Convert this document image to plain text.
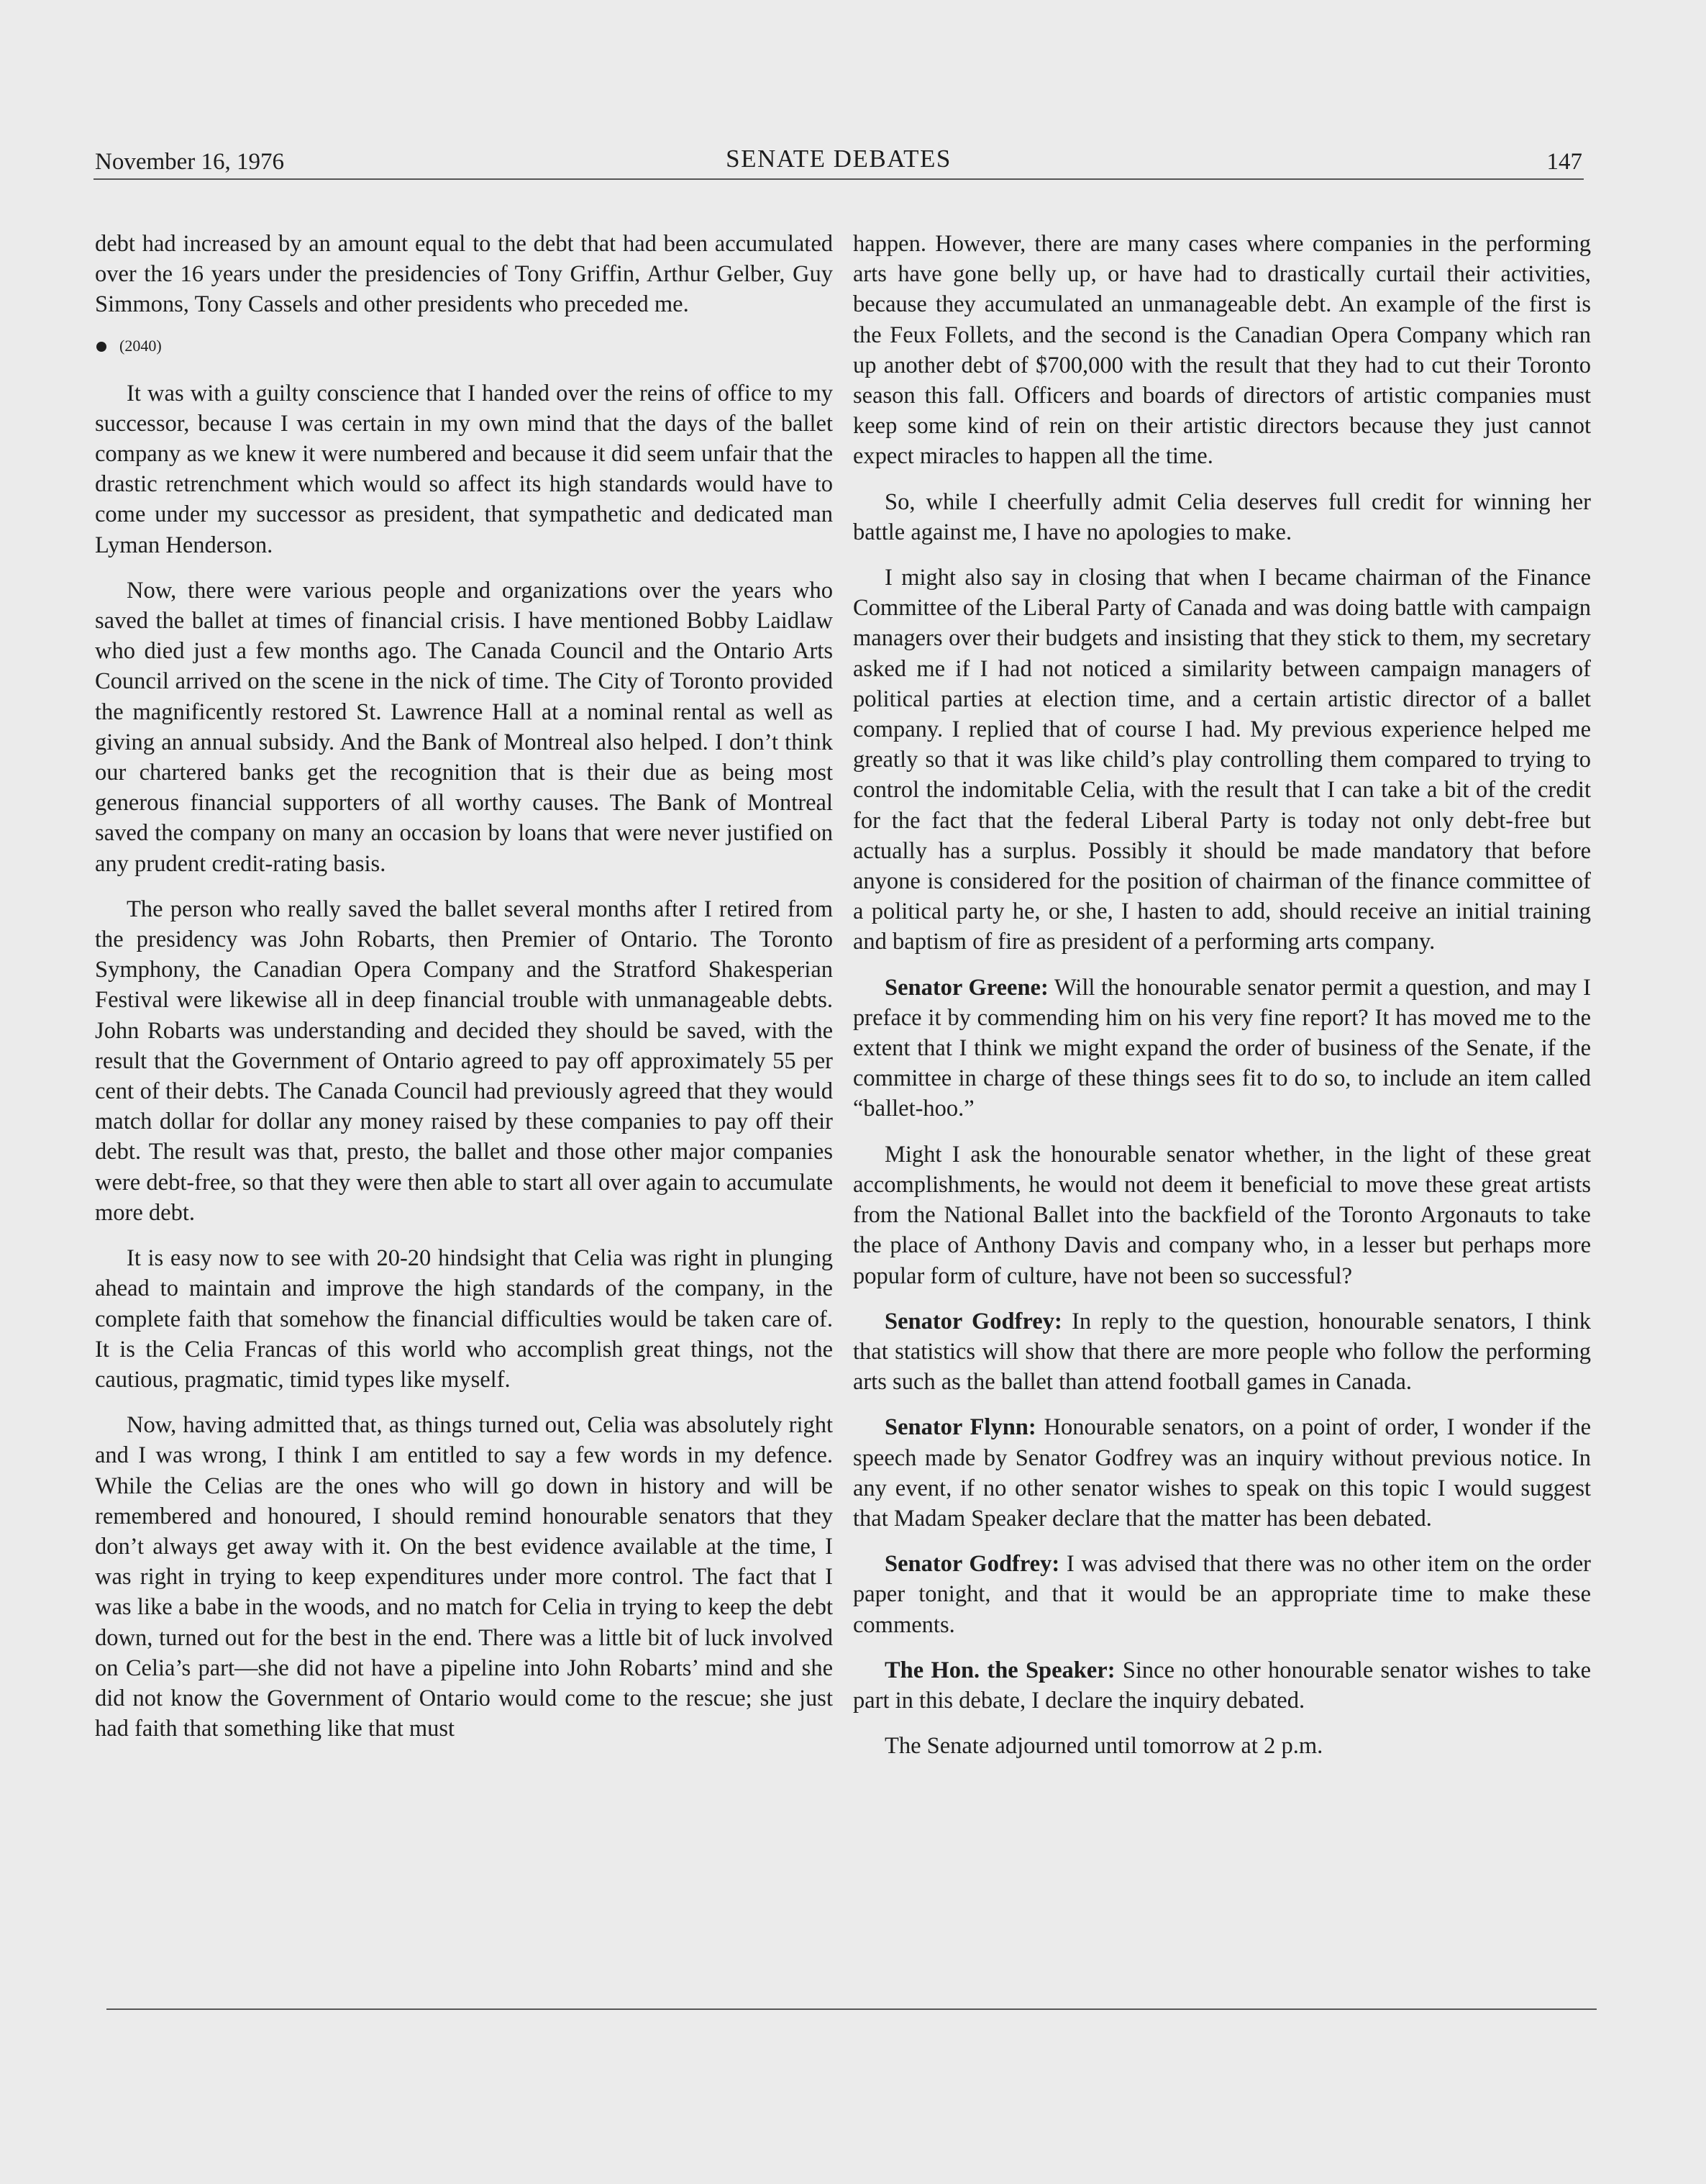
November 16, 1976	SENATE DEBATES	147

debt had increased by an amount equal to the debt that had been accumulated over the 16 years under the presidencies of Tony Griffin, Arthur Gelber, Guy Simmons, Tony Cassels and other presidents who preceded me.

(2040)

It was with a guilty conscience that I handed over the reins of office to my successor, because I was certain in my own mind that the days of the ballet company as we knew it were numbered and because it did seem unfair that the drastic retrenchment which would so affect its high standards would have to come under my successor as president, that sympathetic and dedicated man Lyman Henderson.

Now, there were various people and organizations over the years who saved the ballet at times of financial crisis. I have mentioned Bobby Laidlaw who died just a few months ago. The Canada Council and the Ontario Arts Council arrived on the scene in the nick of time. The City of Toronto provided the magnificently restored St. Lawrence Hall at a nominal rental as well as giving an annual subsidy. And the Bank of Montreal also helped. I don’t think our chartered banks get the recognition that is their due as being most generous financial supporters of all worthy causes. The Bank of Montreal saved the company on many an occasion by loans that were never justified on any prudent credit-rating basis.

The person who really saved the ballet several months after I retired from the presidency was John Robarts, then Premier of Ontario. The Toronto Symphony, the Canadian Opera Company and the Stratford Shakesperian Festival were likewise all in deep financial trouble with unmanageable debts. John Robarts was understanding and decided they should be saved, with the result that the Government of Ontario agreed to pay off approximately 55 per cent of their debts. The Canada Council had previously agreed that they would match dollar for dollar any money raised by these companies to pay off their debt. The result was that, presto, the ballet and those other major companies were debt-free, so that they were then able to start all over again to accumulate more debt.

It is easy now to see with 20-20 hindsight that Celia was right in plunging ahead to maintain and improve the high standards of the company, in the complete faith that somehow the financial difficulties would be taken care of. It is the Celia Francas of this world who accomplish great things, not the cautious, pragmatic, timid types like myself.

Now, having admitted that, as things turned out, Celia was absolutely right and I was wrong, I think I am entitled to say a few words in my defence. While the Celias are the ones who will go down in history and will be remembered and honoured, I should remind honourable senators that they don’t always get away with it. On the best evidence available at the time, I was right in trying to keep expenditures under more control. The fact that I was like a babe in the woods, and no match for Celia in trying to keep the debt down, turned out for the best in the end. There was a little bit of luck involved on Celia’s part—she did not have a pipeline into John Robarts’ mind and she did not know the Government of Ontario would come to the rescue; she just had faith that something like that must

happen. However, there are many cases where companies in the performing arts have gone belly up, or have had to drastically curtail their activities, because they accumulated an unmanageable debt. An example of the first is the Feux Follets, and the second is the Canadian Opera Company which ran up another debt of $700,000 with the result that they had to cut their Toronto season this fall. Officers and boards of directors of artistic companies must keep some kind of rein on their artistic directors because they just cannot expect miracles to happen all the time.

So, while I cheerfully admit Celia deserves full credit for winning her battle against me, I have no apologies to make.

I might also say in closing that when I became chairman of the Finance Committee of the Liberal Party of Canada and was doing battle with campaign managers over their budgets and insisting that they stick to them, my secretary asked me if I had not noticed a similarity between campaign managers of political parties at election time, and a certain artistic director of a ballet company. I replied that of course I had. My previous experience helped me greatly so that it was like child’s play controlling them compared to trying to control the indomitable Celia, with the result that I can take a bit of the credit for the fact that the federal Liberal Party is today not only debt-free but actually has a surplus. Possibly it should be made mandatory that before anyone is considered for the position of chairman of the finance committee of a political party he, or she, I hasten to add, should receive an initial training and baptism of fire as president of a performing arts company.

Senator Greene: Will the honourable senator permit a question, and may I preface it by commending him on his very fine report? It has moved me to the extent that I think we might expand the order of business of the Senate, if the committee in charge of these things sees fit to do so, to include an item called “ballet-hoo.”

Might I ask the honourable senator whether, in the light of these great accomplishments, he would not deem it beneficial to move these great artists from the National Ballet into the backfield of the Toronto Argonauts to take the place of Anthony Davis and company who, in a lesser but perhaps more popular form of culture, have not been so successful?

Senator Godfrey: In reply to the question, honourable senators, I think that statistics will show that there are more people who follow the performing arts such as the ballet than attend football games in Canada.

Senator Flynn: Honourable senators, on a point of order, I wonder if the speech made by Senator Godfrey was an inquiry without previous notice. In any event, if no other senator wishes to speak on this topic I would suggest that Madam Speaker declare that the matter has been debated.

Senator Godfrey: I was advised that there was no other item on the order paper tonight, and that it would be an appropriate time to make these comments.

The Hon. the Speaker: Since no other honourable senator wishes to take part in this debate, I declare the inquiry debated.

The Senate adjourned until tomorrow at 2 p.m.
